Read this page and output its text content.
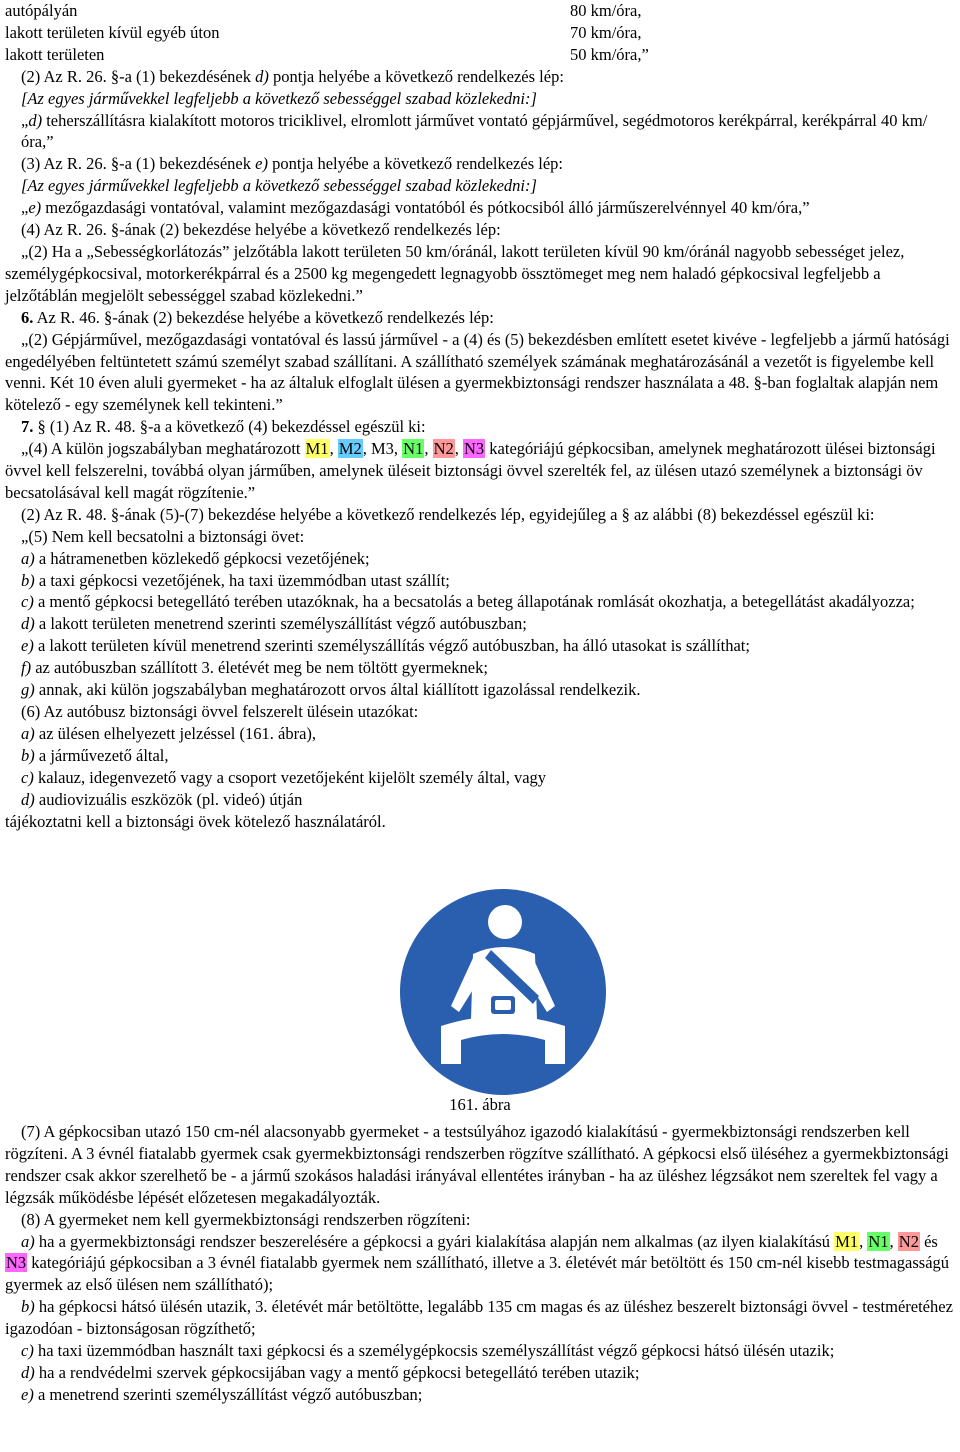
autópályán	80 km/óra,

lakott területen kívül egyéb úton	70 km/óra,

lakott területen	50 km/óra,”

(2) Az R. 26. §-a (1) bekezdésének d) pontja helyébe a következő rendelkezés lép:

[Az egyes járművekkel legfeljebb a következő sebességgel szabad közlekedni:]

„d) teherszállításra kialakított motoros triciklivel, elromlott járművet vontató gépjárművel, segédmotoros kerékpárral, kerékpárral 40 km/óra,”

(3) Az R. 26. §-a (1) bekezdésének e) pontja helyébe a következő rendelkezés lép:

[Az egyes járművekkel legfeljebb a következő sebességgel szabad közlekedni:]

„e) mezőgazdasági vontatóval, valamint mezőgazdasági vontatóból és pótkocsiból álló járműszerelvénnyel 40 km/óra,”

(4) Az R. 26. §-ának (2) bekezdése helyébe a következő rendelkezés lép:

„(2) Ha a „Sebességkorlátozás” jelzőtábla lakott területen 50 km/óránál, lakott területen kívül 90 km/óránál nagyobb sebességet jelez, személygépkocsival, motorkerékpárral és a 2500 kg megengedett legnagyobb össztömeget meg nem haladó gépkocsival legfeljebb a jelzőtáblán megjelölt sebességgel szabad közlekedni.”

6. Az R. 46. §-ának (2) bekezdése helyébe a következő rendelkezés lép:

„(2) Gépjárművel, mezőgazdasági vontatóval és lassú járművel - a (4) és (5) bekezdésben említett esetet kivéve - legfeljebb a jármű hatósági engedélyében feltüntetett számú személyt szabad szállítani. A szállítható személyek számának meghatározásánál a vezetőt is figyelembe kell venni. Két 10 éven aluli gyermeket - ha az általuk elfoglalt ülésen a gyermekbiztonsági rendszer használata a 48. §-ban foglaltak alapján nem kötelező - egy személynek kell tekinteni.”

7. § (1) Az R. 48. §-a a következő (4) bekezdéssel egészül ki:

„(4) A külön jogszabályban meghatározott M1, M2, M3, N1, N2, N3 kategóriájú gépkocsiban, amelynek meghatározott ülései biztonsági övvel kell felszerelni, továbbá olyan járműben, amelynek üléseit biztonsági övvel szerelték fel, az ülésen utazó személynek a biztonsági öv becsatolásával kell magát rögzítenie.”

(2) Az R. 48. §-ának (5)-(7) bekezdése helyébe a következő rendelkezés lép, egyidejűleg a § az alábbi (8) bekezdéssel egészül ki:

„(5) Nem kell becsatolni a biztonsági övet:

a) a hátramenetben közlekedő gépkocsi vezetőjének;

b) a taxi gépkocsi vezetőjének, ha taxi üzemmódban utast szállít;

c) a mentő gépkocsi betegellátó terében utazóknak, ha a becsatolás a beteg állapotának romlását okozhatja, a betegellátást akadályozza;

d) a lakott területen menetrend szerinti személyszállítást végző autóbuszban;

e) a lakott területen kívül menetrend szerinti személyszállítás végző autóbuszban, ha álló utasokat is szállíthat;

f) az autóbuszban szállított 3. életévét meg be nem töltött gyermeknek;

g) annak, aki külön jogszabályban meghatározott orvos által kiállított igazolással rendelkezik.

(6) Az autóbusz biztonsági övvel felszerelt ülésein utazókat:

a) az ülésen elhelyezett jelzéssel (161. ábra),

b) a járművezető által,

c) kalauz, idegenvezető vagy a csoport vezetőjeként kijelölt személy által, vagy

d) audiovizuális eszközök (pl. videó) útján

tájékoztatni kell a biztonsági övek kötelező használatáról.

161. ábra

(7) A gépkocsiban utazó 150 cm-nél alacsonyabb gyermeket - a testsúlyához igazodó kialakítású - gyermekbiztonsági rendszerben kell rögzíteni. A 3 évnél fiatalabb gyermek csak gyermekbiztonsági rendszerben rögzítve szállítható. A gépkocsi első üléséhez a gyermekbiztonsági rendszer csak akkor szerelhető be - a jármű szokásos haladási irányával ellentétes irányban - ha az üléshez légzsákot nem szereltek fel vagy a légzsák működésbe lépését előzetesen megakadályozták.

(8) A gyermeket nem kell gyermekbiztonsági rendszerben rögzíteni:

a) ha a gyermekbiztonsági rendszer beszerelésére a gépkocsi a gyári kialakítása alapján nem alkalmas (az ilyen kialakítású M1, N1, N2 és N3 kategóriájú gépkocsiban a 3 évnél fiatalabb gyermek nem szállítható, illetve a 3. életévét már betöltött és 150 cm-nél kisebb testmagasságú gyermek az első ülésen nem szállítható);

b) ha gépkocsi hátsó ülésén utazik, 3. életévét már betöltötte, legalább 135 cm magas és az üléshez beszerelt biztonsági övvel - testméretéhez igazodóan - biztonságosan rögzíthető;

c) ha taxi üzemmódban használt taxi gépkocsi és a személygépkocsis személyszállítást végző gépkocsi hátsó ülésén utazik;

d) ha a rendvédelmi szervek gépkocsijában vagy a mentő gépkocsi betegellátó terében utazik;

e) a menetrend szerinti személyszállítást végző autóbuszban;
